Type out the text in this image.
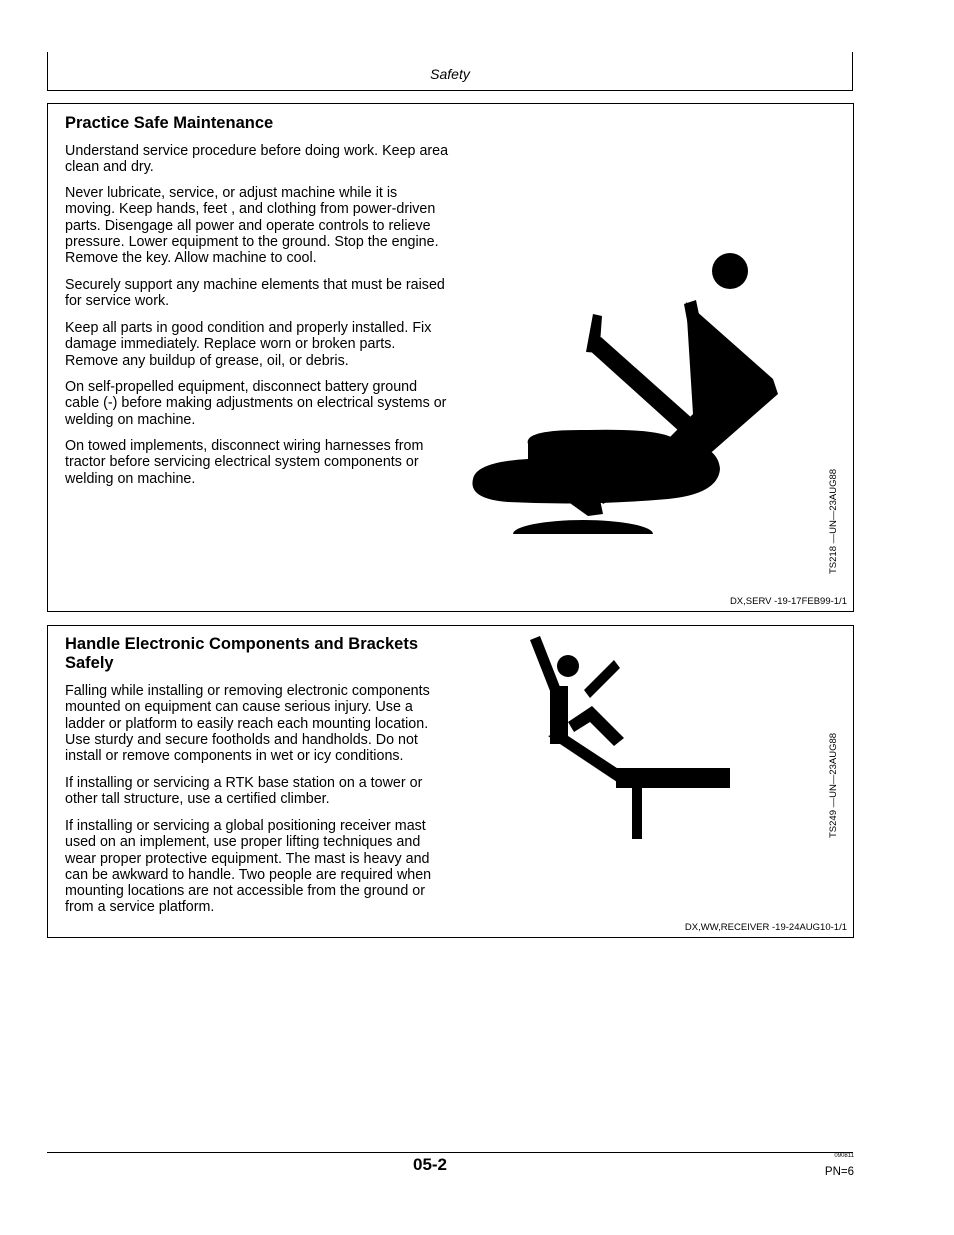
Safety
Practice Safe Maintenance
Understand service procedure before doing work. Keep area clean and dry.
Never lubricate, service, or adjust machine while it is moving. Keep hands, feet , and clothing from power-driven parts. Disengage all power and operate controls to relieve pressure. Lower equipment to the ground. Stop the engine. Remove the key. Allow machine to cool.
Securely support any machine elements that must be raised for service work.
Keep all parts in good condition and properly installed. Fix damage immediately. Replace worn or broken parts. Remove any buildup of grease, oil, or debris.
On self-propelled equipment, disconnect battery ground cable (-) before making adjustments on electrical systems or welding on machine.
On towed implements, disconnect wiring harnesses from tractor before servicing electrical system components or welding on machine.	TS218 —UN—23AUG88
DX,SERV -19-17FEB99-1/1
Handle Electronic Components and Brackets Safely
Falling while installing or removing electronic components mounted on equipment can cause serious injury. Use a ladder or platform to easily reach each mounting location. Use sturdy and secure footholds and handholds. Do not install or remove components in wet or icy conditions.
If installing or servicing a RTK base station on a tower or other tall structure, use a certified climber.
If installing or servicing a global positioning receiver mast used on an implement, use proper lifting techniques and wear proper protective equipment. The mast is heavy and can be awkward to handle. Two people are required when mounting locations are not accessible from the ground or from a service platform.
TS249 —UN—23AUG88
DX,WW,RECEIVER -19-24AUG10-1/1
05-2	090811
PN=6
